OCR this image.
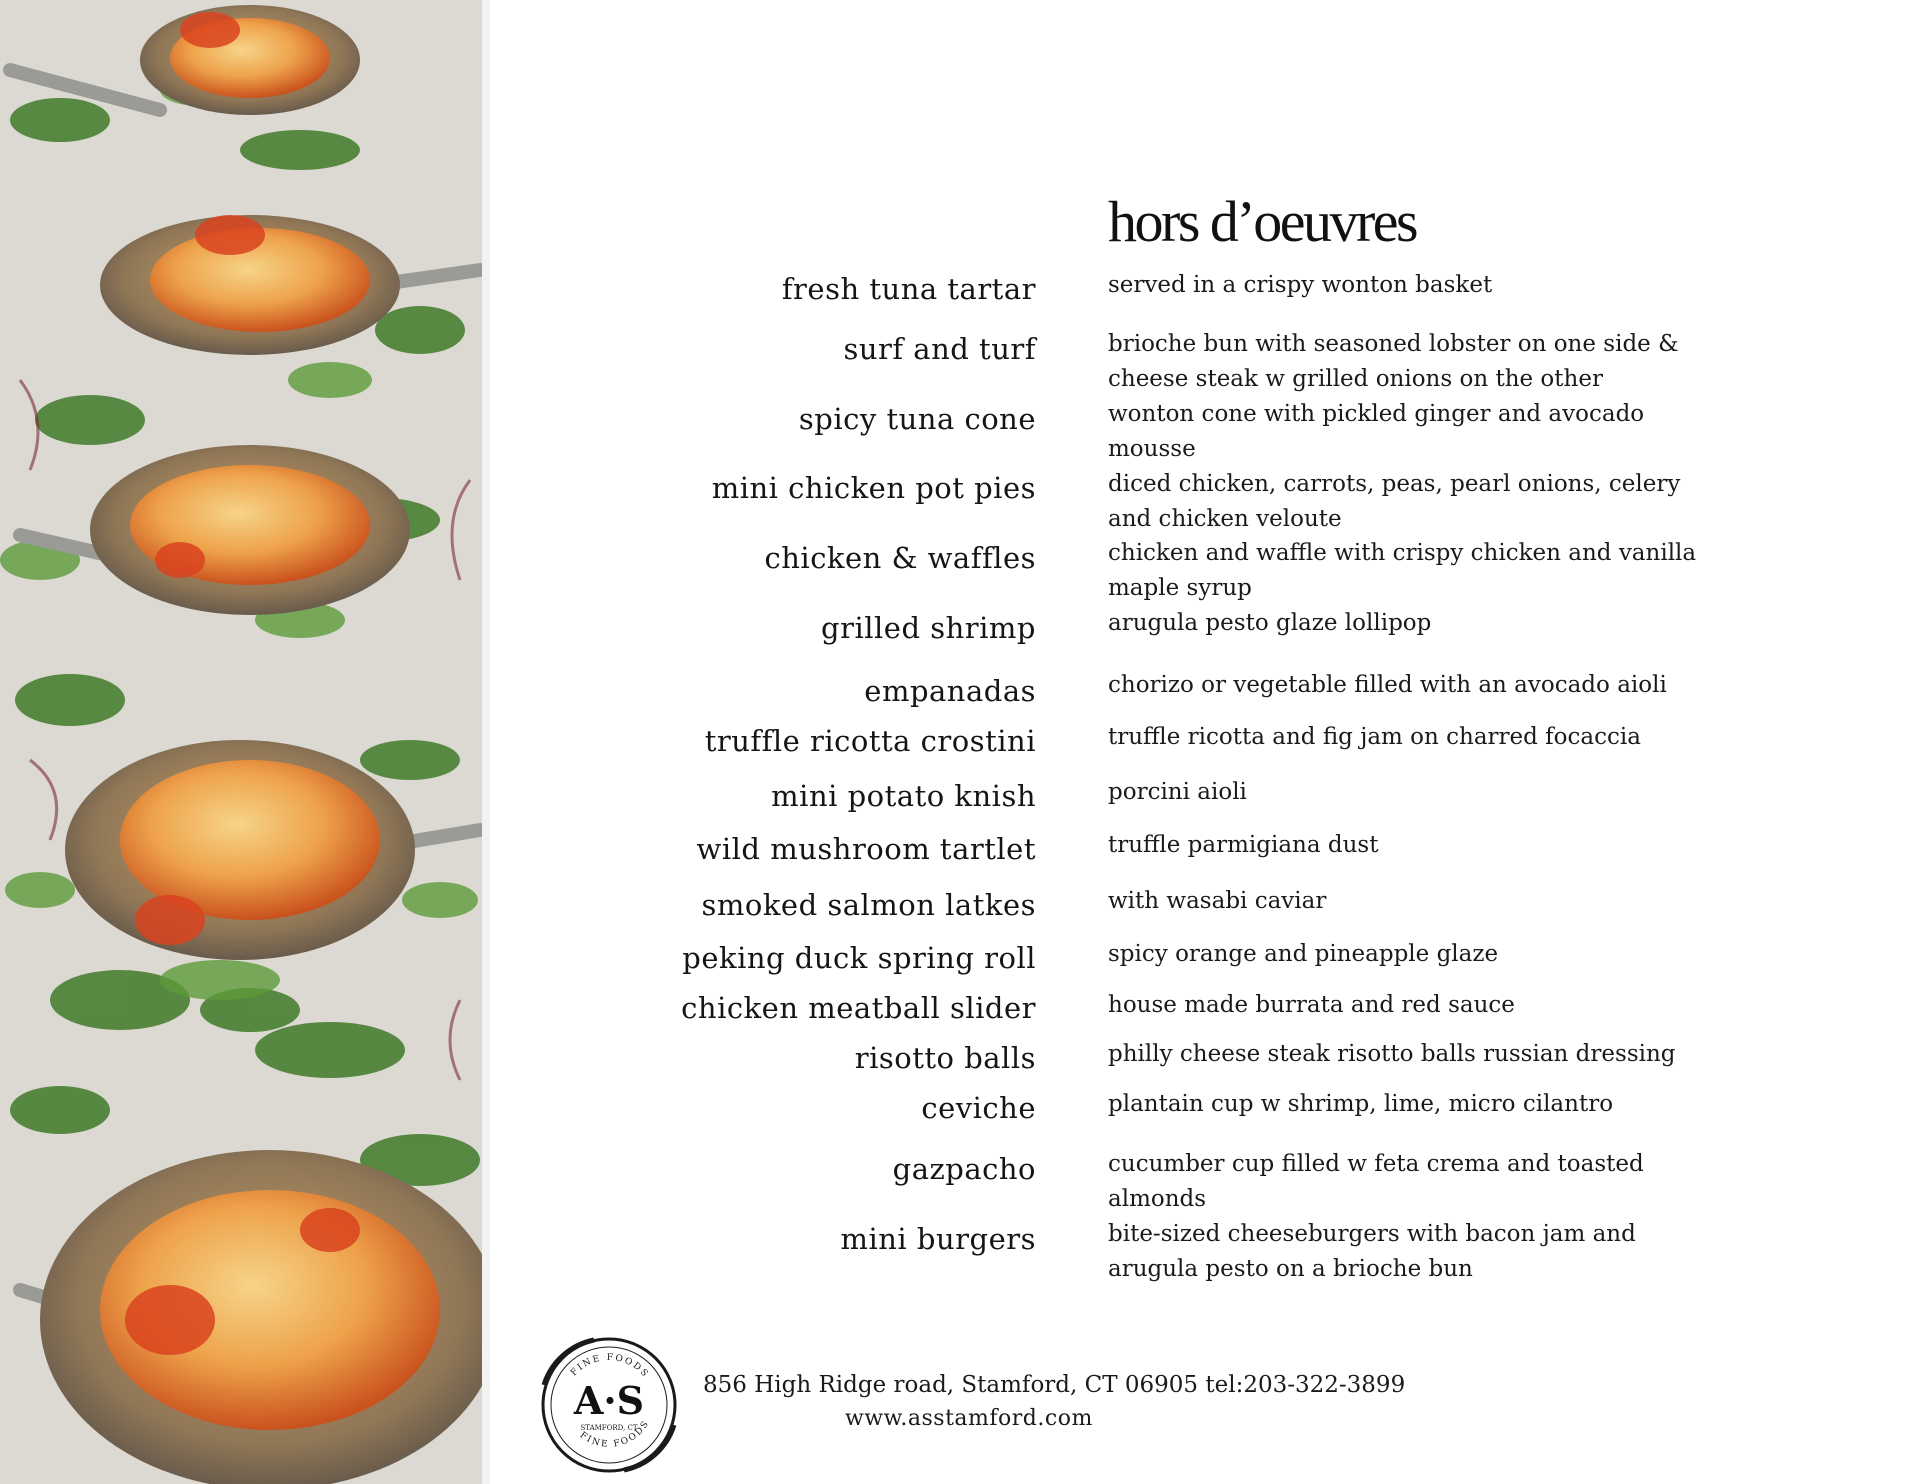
hors d’oeuvres
fresh tuna tartar	served in a crispy wonton basket
surf and turf	brioche bun with seasoned lobster on one side & cheese steak w grilled onions on the other
spicy tuna cone	wonton cone with pickled ginger and avocado mousse
mini chicken pot pies	diced chicken, carrots, peas, pearl onions, celery and chicken veloute
chicken & waffles	chicken and waffle with crispy chicken and vanilla maple syrup
grilled shrimp	arugula pesto glaze lollipop
empanadas	chorizo or vegetable filled with an avocado aioli
truffle ricotta crostini	truffle ricotta and fig jam on charred focaccia
mini potato knish	porcini aioli
wild mushroom tartlet	truffle parmigiana dust
smoked salmon latkes	with wasabi caviar
peking duck spring roll	spicy orange and pineapple glaze
chicken meatball slider	house made burrata and red sauce
risotto balls	philly cheese steak risotto balls russian dressing
ceviche	plantain cup w shrimp, lime, micro cilantro
gazpacho	cucumber cup filled w feta crema and toasted almonds
mini burgers	bite-sized cheeseburgers with bacon jam and arugula pesto on a brioche bun
FINE FOODS
A·S
STAMFORD, CT
FINE FOODS
856 High Ridge road, Stamford, CT 06905 tel:203-322-3899
www.asstamford.com
